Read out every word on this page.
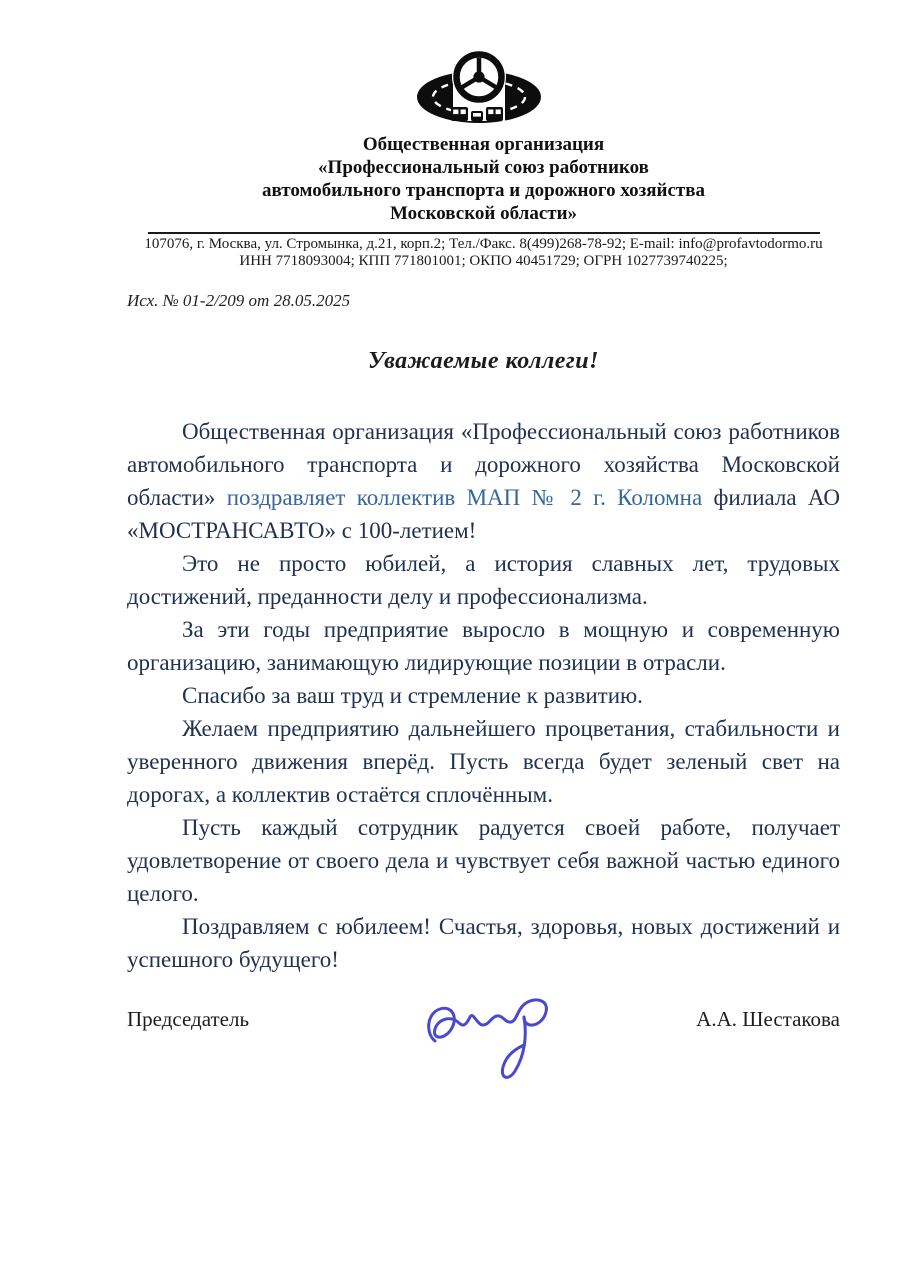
Общественная организация
«Профессиональный союз работников
автомобильного транспорта и дорожного хозяйства
Московской области»
107076, г. Москва, ул. Стромынка, д.21, корп.2; Тел./Факс. 8(499)268-78-92; E-mail: info@profavtodormo.ru
ИНН 7718093004; КПП 771801001; ОКПО 40451729; ОГРН 1027739740225;
Исх. № 01-2/209 от 28.05.2025
Уважаемые коллеги!

Общественная организация «Профессиональный союз работников автомобильного транспорта и дорожного хозяйства Московской области» поздравляет коллектив МАП № 2 г. Коломна филиала АО «МОСТРАНСАВТО» с 100-летием!

Это не просто юбилей, а история славных лет, трудовых достижений, преданности делу и профессионализма.

За эти годы предприятие выросло в мощную и современную организацию, занимающую лидирующие позиции в отрасли.

Спасибо за ваш труд и стремление к развитию.

Желаем предприятию дальнейшего процветания, стабильности и уверенного движения вперёд. Пусть всегда будет зеленый свет на дорогах, а коллектив остаётся сплочённым.

Пусть каждый сотрудник радуется своей работе, получает удовлетворение от своего дела и чувствует себя важной частью единого целого.

Поздравляем с юбилеем! Счастья, здоровья, новых достижений и успешного будущего!

Председатель	А.А. Шестакова
